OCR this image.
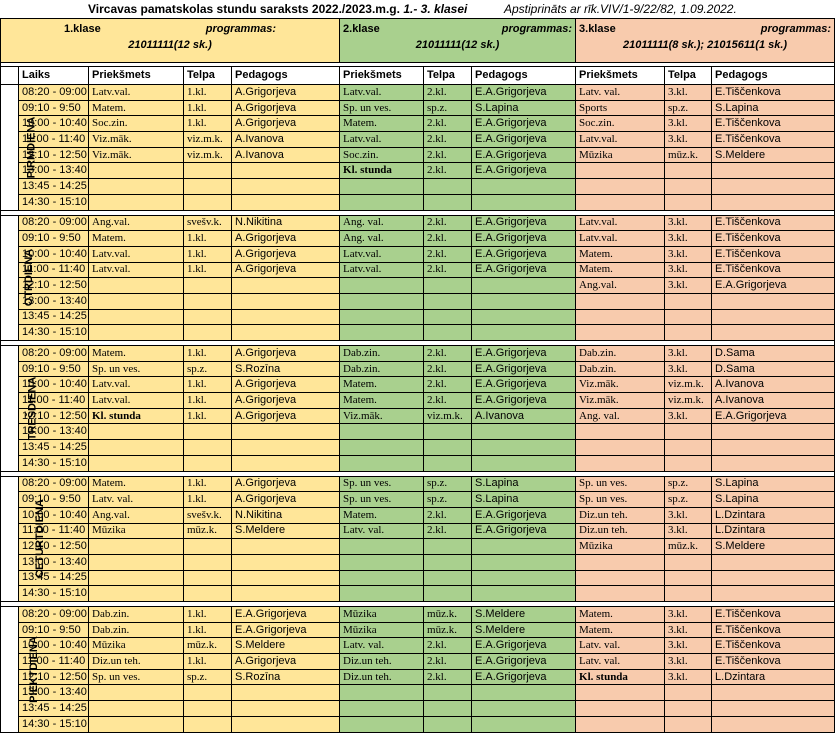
Vircavas pamatskolas stundu saraksts 2022./2023.m.g. 1.- 3. klasei	Apstiprināts ar rīk.VIV/1-9/22/82, 1.09.2022.
1.klase programmas:
21011111(12 sk.)					2.klase programmas:
21011111(12 sk.)			3.klase programmas:
21011111(8 sk.); 21015611(1 sk.)		

	Laiks	Priekšmets	Telpa	Pedagogs	Priekšmets	Telpa	Pedagogs	Priekšmets	Telpa	Pedagogs
PIRMDIENA	08:20 - 09:00	Latv.val.	1.kl.	A.Grigorjeva	Latv.val.	2.kl.	E.A.Grigorjeva	Latv. val.	3.kl.	E.Tiščenkova
	09:10 - 9:50	Matem.	1.kl.	A.Grigorjeva	Sp. un ves.	sp.z.	S.Lapina	Sports	sp.z.	S.Lapina
	10:00 - 10:40	Soc.zin.	1.kl.	A.Grigorjeva	Matem.	2.kl.	E.A.Grigorjeva	Soc.zin.	3.kl.	E.Tiščenkova
	11:00 - 11:40	Viz.māk.	viz.m.k.	A.Ivanova	Latv.val.	2.kl.	E.A.Grigorjeva	Latv.val.	3.kl.	E.Tiščenkova
	12:10 - 12:50	Viz.māk.	viz.m.k.	A.Ivanova	Soc.zin.	2.kl.	E.A.Grigorjeva	Mūzika	mūz.k.	S.Meldere
	13:00 - 13:40				Kl. stunda	2.kl.	E.A.Grigorjeva			
	13:45 - 14:25									
	14:30 - 15:10									

OTRDIENA	08:20 - 09:00	Ang.val.	svešv.k.	N.Nikitina	Ang. val.	2.kl.	E.A.Grigorjeva	Latv.val.	3.kl.	E.Tiščenkova
	09:10 - 9:50	Matem.	1.kl.	A.Grigorjeva	Ang. val.	2.kl.	E.A.Grigorjeva	Latv.val.	3.kl.	E.Tiščenkova
	10:00 - 10:40	Latv.val.	1.kl.	A.Grigorjeva	Latv.val.	2.kl.	E.A.Grigorjeva	Matem.	3.kl.	E.Tiščenkova
	11:00 - 11:40	Latv.val.	1.kl.	A.Grigorjeva	Latv.val.	2.kl.	E.A.Grigorjeva	Matem.	3.kl.	E.Tiščenkova
	12:10 - 12:50							Ang.val.	3.kl.	E.A.Grigorjeva
	13:00 - 13:40									
	13:45 - 14:25									
	14:30 - 15:10									

TREŠDIENA	08:20 - 09:00	Matem.	1.kl.	A.Grigorjeva	Dab.zin.	2.kl.	E.A.Grigorjeva	Dab.zin.	3.kl.	D.Sama
	09:10 - 9:50	Sp. un ves.	sp.z.	S.Rozīna	Dab.zin.	2.kl.	E.A.Grigorjeva	Dab.zin.	3.kl.	D.Sama
	10:00 - 10:40	Latv.val.	1.kl.	A.Grigorjeva	Matem.	2.kl.	E.A.Grigorjeva	Viz.māk.	viz.m.k.	A.Ivanova
	11:00 - 11:40	Latv.val.	1.kl.	A.Grigorjeva	Matem.	2.kl.	E.A.Grigorjeva	Viz.māk.	viz.m.k.	A.Ivanova
	12:10 - 12:50	Kl. stunda	1.kl.	A.Grigorjeva	Viz.māk.	viz.m.k.	A.Ivanova	Ang. val.	3.kl.	E.A.Grigorjeva
	13:00 - 13:40									
	13:45 - 14:25									
	14:30 - 15:10									

CETURTDIENA	08:20 - 09:00	Matem.	1.kl.	A.Grigorjeva	Sp. un ves.	sp.z.	S.Lapina	Sp. un ves.	sp.z.	S.Lapina
	09:10 - 9:50	Latv. val.	1.kl.	A.Grigorjeva	Sp. un ves.	sp.z.	S.Lapina	Sp. un ves.	sp.z.	S.Lapina
	10:00 - 10:40	Ang.val.	svešv.k.	N.Nikitina	Matem.	2.kl.	E.A.Grigorjeva	Diz.un teh.	3.kl.	L.Dzintara
	11:00 - 11:40	Mūzika	mūz.k.	S.Meldere	Latv. val.	2.kl.	E.A.Grigorjeva	Diz.un teh.	3.kl.	L.Dzintara
	12:10 - 12:50							Mūzika	mūz.k.	S.Meldere
	13:00 - 13:40									
	13:45 - 14:25									
	14:30 - 15:10									

PIEKTDIENA	08:20 - 09:00	Dab.zin.	1.kl.	E.A.Grigorjeva	Mūzika	mūz.k.	S.Meldere	Matem.	3.kl.	E.Tiščenkova
	09:10 - 9:50	Dab.zin.	1.kl.	E.A.Grigorjeva	Mūzika	mūz.k.	S.Meldere	Matem.	3.kl.	E.Tiščenkova
	10:00 - 10:40	Mūzika	mūz.k.	S.Meldere	Latv. val.	2.kl.	E.A.Grigorjeva	Latv. val.	3.kl.	E.Tiščenkova
	11:00 - 11:40	Diz.un teh.	1.kl.	A.Grigorjeva	Diz.un teh.	2.kl.	E.A.Grigorjeva	Latv. val.	3.kl.	E.Tiščenkova
	12:10 - 12:50	Sp. un ves.	sp.z.	S.Rozīna	Diz.un teh.	2.kl.	E.A.Grigorjeva	Kl. stunda	3.kl.	L.Dzintara
	13:00 - 13:40									
	13:45 - 14:25									
	14:30 - 15:10									
